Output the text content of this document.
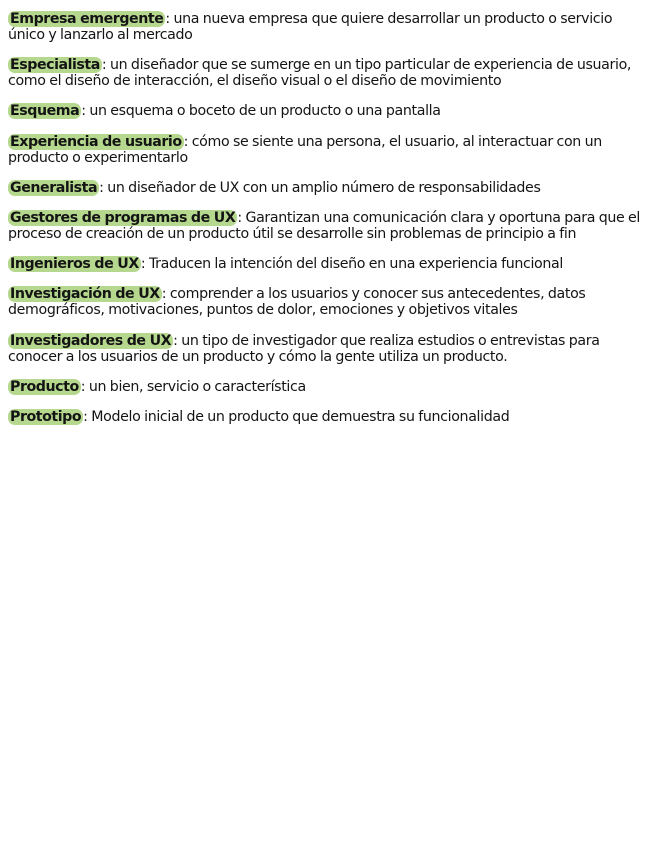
Empresa emergente : una nueva empresa que quiere desarrollar un producto o servicio único y lanzarlo al mercado

Especialista : un diseñador que se sumerge en un tipo particular de experiencia de usuario, como el diseño de interacción, el diseño visual o el diseño de movimiento

Esquema : un esquema o boceto de un producto o una pantalla

Experiencia de usuario : cómo se siente una persona, el usuario, al interactuar con un producto o experimentarlo

Generalista : un diseñador de UX con un amplio número de responsabilidades

Gestores de programas de UX : Garantizan una comunicación clara y oportuna para que el proceso de creación de un producto útil se desarrolle sin problemas de principio a fin

Ingenieros de UX : Traducen la intención del diseño en una experiencia funcional

Investigación de UX : comprender a los usuarios y conocer sus antecedentes, datos demográficos, motivaciones, puntos de dolor, emociones y objetivos vitales

Investigadores de UX : un tipo de investigador que realiza estudios o entrevistas para conocer a los usuarios de un producto y cómo la gente utiliza un producto.

Producto : un bien, servicio o característica

Prototipo : Modelo inicial de un producto que demuestra su funcionalidad
